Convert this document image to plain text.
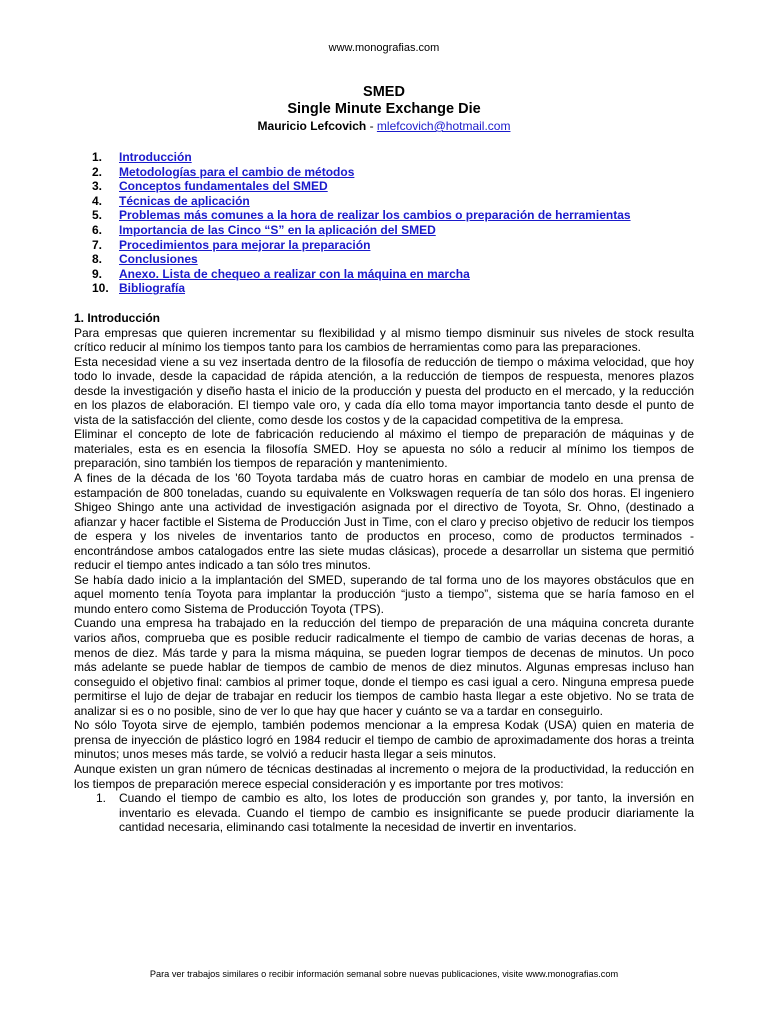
www.monografias.com
SMED
Single Minute Exchange Die
Mauricio Lefcovich - mlefcovich@hotmail.com
1. Introducción
2. Metodologías para el cambio de métodos
3. Conceptos fundamentales del SMED
4. Técnicas de aplicación
5. Problemas más comunes a la hora de realizar los cambios o preparación de herramientas
6. Importancia de las Cinco “S” en la aplicación del SMED
7. Procedimientos para mejorar la preparación
8. Conclusiones
9. Anexo. Lista de chequeo a realizar con la máquina en marcha
10. Bibliografía
1. Introducción

Para empresas que quieren incrementar su flexibilidad y al mismo tiempo disminuir sus niveles de stock resulta crítico reducir al mínimo los tiempos tanto para los cambios de herramientas como para las preparaciones.

Esta necesidad viene a su vez insertada dentro de la filosofía de reducción de tiempo o máxima velocidad, que hoy todo lo invade, desde la capacidad de rápida atención, a la reducción de tiempos de respuesta, menores plazos desde la investigación y diseño hasta el inicio de la producción y puesta del producto en el mercado, y la reducción en los plazos de elaboración. El tiempo vale oro, y cada día ello toma mayor importancia tanto desde el punto de vista de la satisfacción del cliente, como desde los costos y de la capacidad competitiva de la empresa.

Eliminar el concepto de lote de fabricación reduciendo al máximo el tiempo de preparación de máquinas y de materiales, esta es en esencia la filosofía SMED. Hoy se apuesta no sólo a reducir al mínimo los tiempos de preparación, sino también los tiempos de reparación y mantenimiento.

A fines de la década de los '60 Toyota tardaba más de cuatro horas en cambiar de modelo en una prensa de estampación de 800 toneladas, cuando su equivalente en Volkswagen requería de tan sólo dos horas. El ingeniero Shigeo Shingo ante una actividad de investigación asignada por el directivo de Toyota, Sr. Ohno, (destinado a afianzar y hacer factible el Sistema de Producción Just in Time, con el claro y preciso objetivo de reducir los tiempos de espera y los niveles de inventarios tanto de productos en proceso, como de productos terminados -encontrándose ambos catalogados entre las siete mudas clásicas), procede a desarrollar un sistema que permitió reducir el tiempo antes indicado a tan sólo tres minutos.

Se había dado inicio a la implantación del SMED, superando de tal forma uno de los mayores obstáculos que en aquel momento tenía Toyota para implantar la producción “justo a tiempo”, sistema que se haría famoso en el mundo entero como Sistema de Producción Toyota (TPS).

Cuando una empresa ha trabajado en la reducción del tiempo de preparación de una máquina concreta durante varios años, comprueba que es posible reducir radicalmente el tiempo de cambio de varias decenas de horas, a menos de diez. Más tarde y para la misma máquina, se pueden lograr tiempos de decenas de minutos. Un poco más adelante se puede hablar de tiempos de cambio de menos de diez minutos. Algunas empresas incluso han conseguido el objetivo final: cambios al primer toque, donde el tiempo es casi igual a cero. Ninguna empresa puede permitirse el lujo de dejar de trabajar en reducir los tiempos de cambio hasta llegar a este objetivo. No se trata de analizar si es o no posible, sino de ver lo que hay que hacer y cuánto se va a tardar en conseguirlo.

No sólo Toyota sirve de ejemplo, también podemos mencionar a la empresa Kodak (USA) quien en materia de prensa de inyección de plástico logró en 1984 reducir el tiempo de cambio de aproximadamente dos horas a treinta minutos; unos meses más tarde, se volvió a reducir hasta llegar a seis minutos.

Aunque existen un gran número de técnicas destinadas al incremento o mejora de la productividad, la reducción en los tiempos de preparación merece especial consideración y es importante por tres motivos:

1. Cuando el tiempo de cambio es alto, los lotes de producción son grandes y, por tanto, la inversión en inventario es elevada. Cuando el tiempo de cambio es insignificante se puede producir diariamente la cantidad necesaria, eliminando casi totalmente la necesidad de invertir en inventarios.
Para ver trabajos similares o recibir información semanal sobre nuevas publicaciones, visite www.monografias.com
